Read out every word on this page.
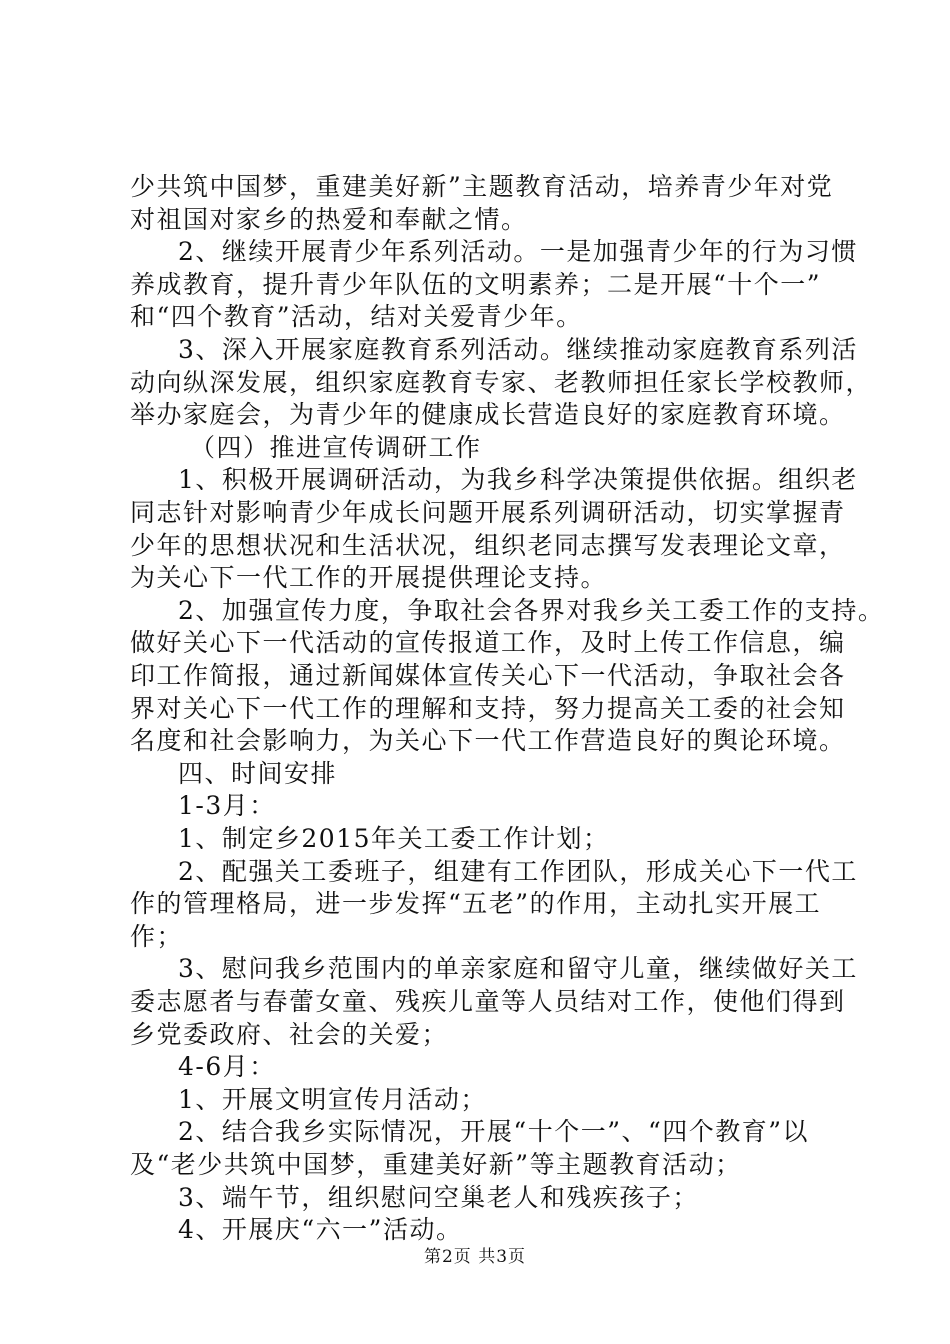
少共筑中国梦，重建美好新”主题教育活动，培养青少年对党
对祖国对家乡的热爱和奉献之情。
2、继续开展青少年系列活动。一是加强青少年的行为习惯
养成教育，提升青少年队伍的文明素养；二是开展“十个一”
和“四个教育”活动，结对关爱青少年。
3、深入开展家庭教育系列活动。继续推动家庭教育系列活
动向纵深发展，组织家庭教育专家、老教师担任家长学校教师，
举办家庭会，为青少年的健康成长营造良好的家庭教育环境。
（四）推进宣传调研工作
1、积极开展调研活动，为我乡科学决策提供依据。组织老
同志针对影响青少年成长问题开展系列调研活动，切实掌握青
少年的思想状况和生活状况，组织老同志撰写发表理论文章，
为关心下一代工作的开展提供理论支持。
2、加强宣传力度，争取社会各界对我乡关工委工作的支持。
做好关心下一代活动的宣传报道工作，及时上传工作信息，编
印工作简报，通过新闻媒体宣传关心下一代活动，争取社会各
界对关心下一代工作的理解和支持，努力提高关工委的社会知
名度和社会影响力，为关心下一代工作营造良好的舆论环境。
四、时间安排
1-3月：
1、制定乡2015年关工委工作计划；
2、配强关工委班子，组建有工作团队，形成关心下一代工
作的管理格局，进一步发挥“五老”的作用，主动扎实开展工
作；
3、慰问我乡范围内的单亲家庭和留守儿童，继续做好关工
委志愿者与春蕾女童、残疾儿童等人员结对工作，使他们得到
乡党委政府、社会的关爱；
4-6月：
1、开展文明宣传月活动；
2、结合我乡实际情况，开展“十个一”、“四个教育”以
及“老少共筑中国梦，重建美好新”等主题教育活动；
3、端午节，组织慰问空巢老人和残疾孩子；
4、开展庆“六一”活动。
第2页 共3页
